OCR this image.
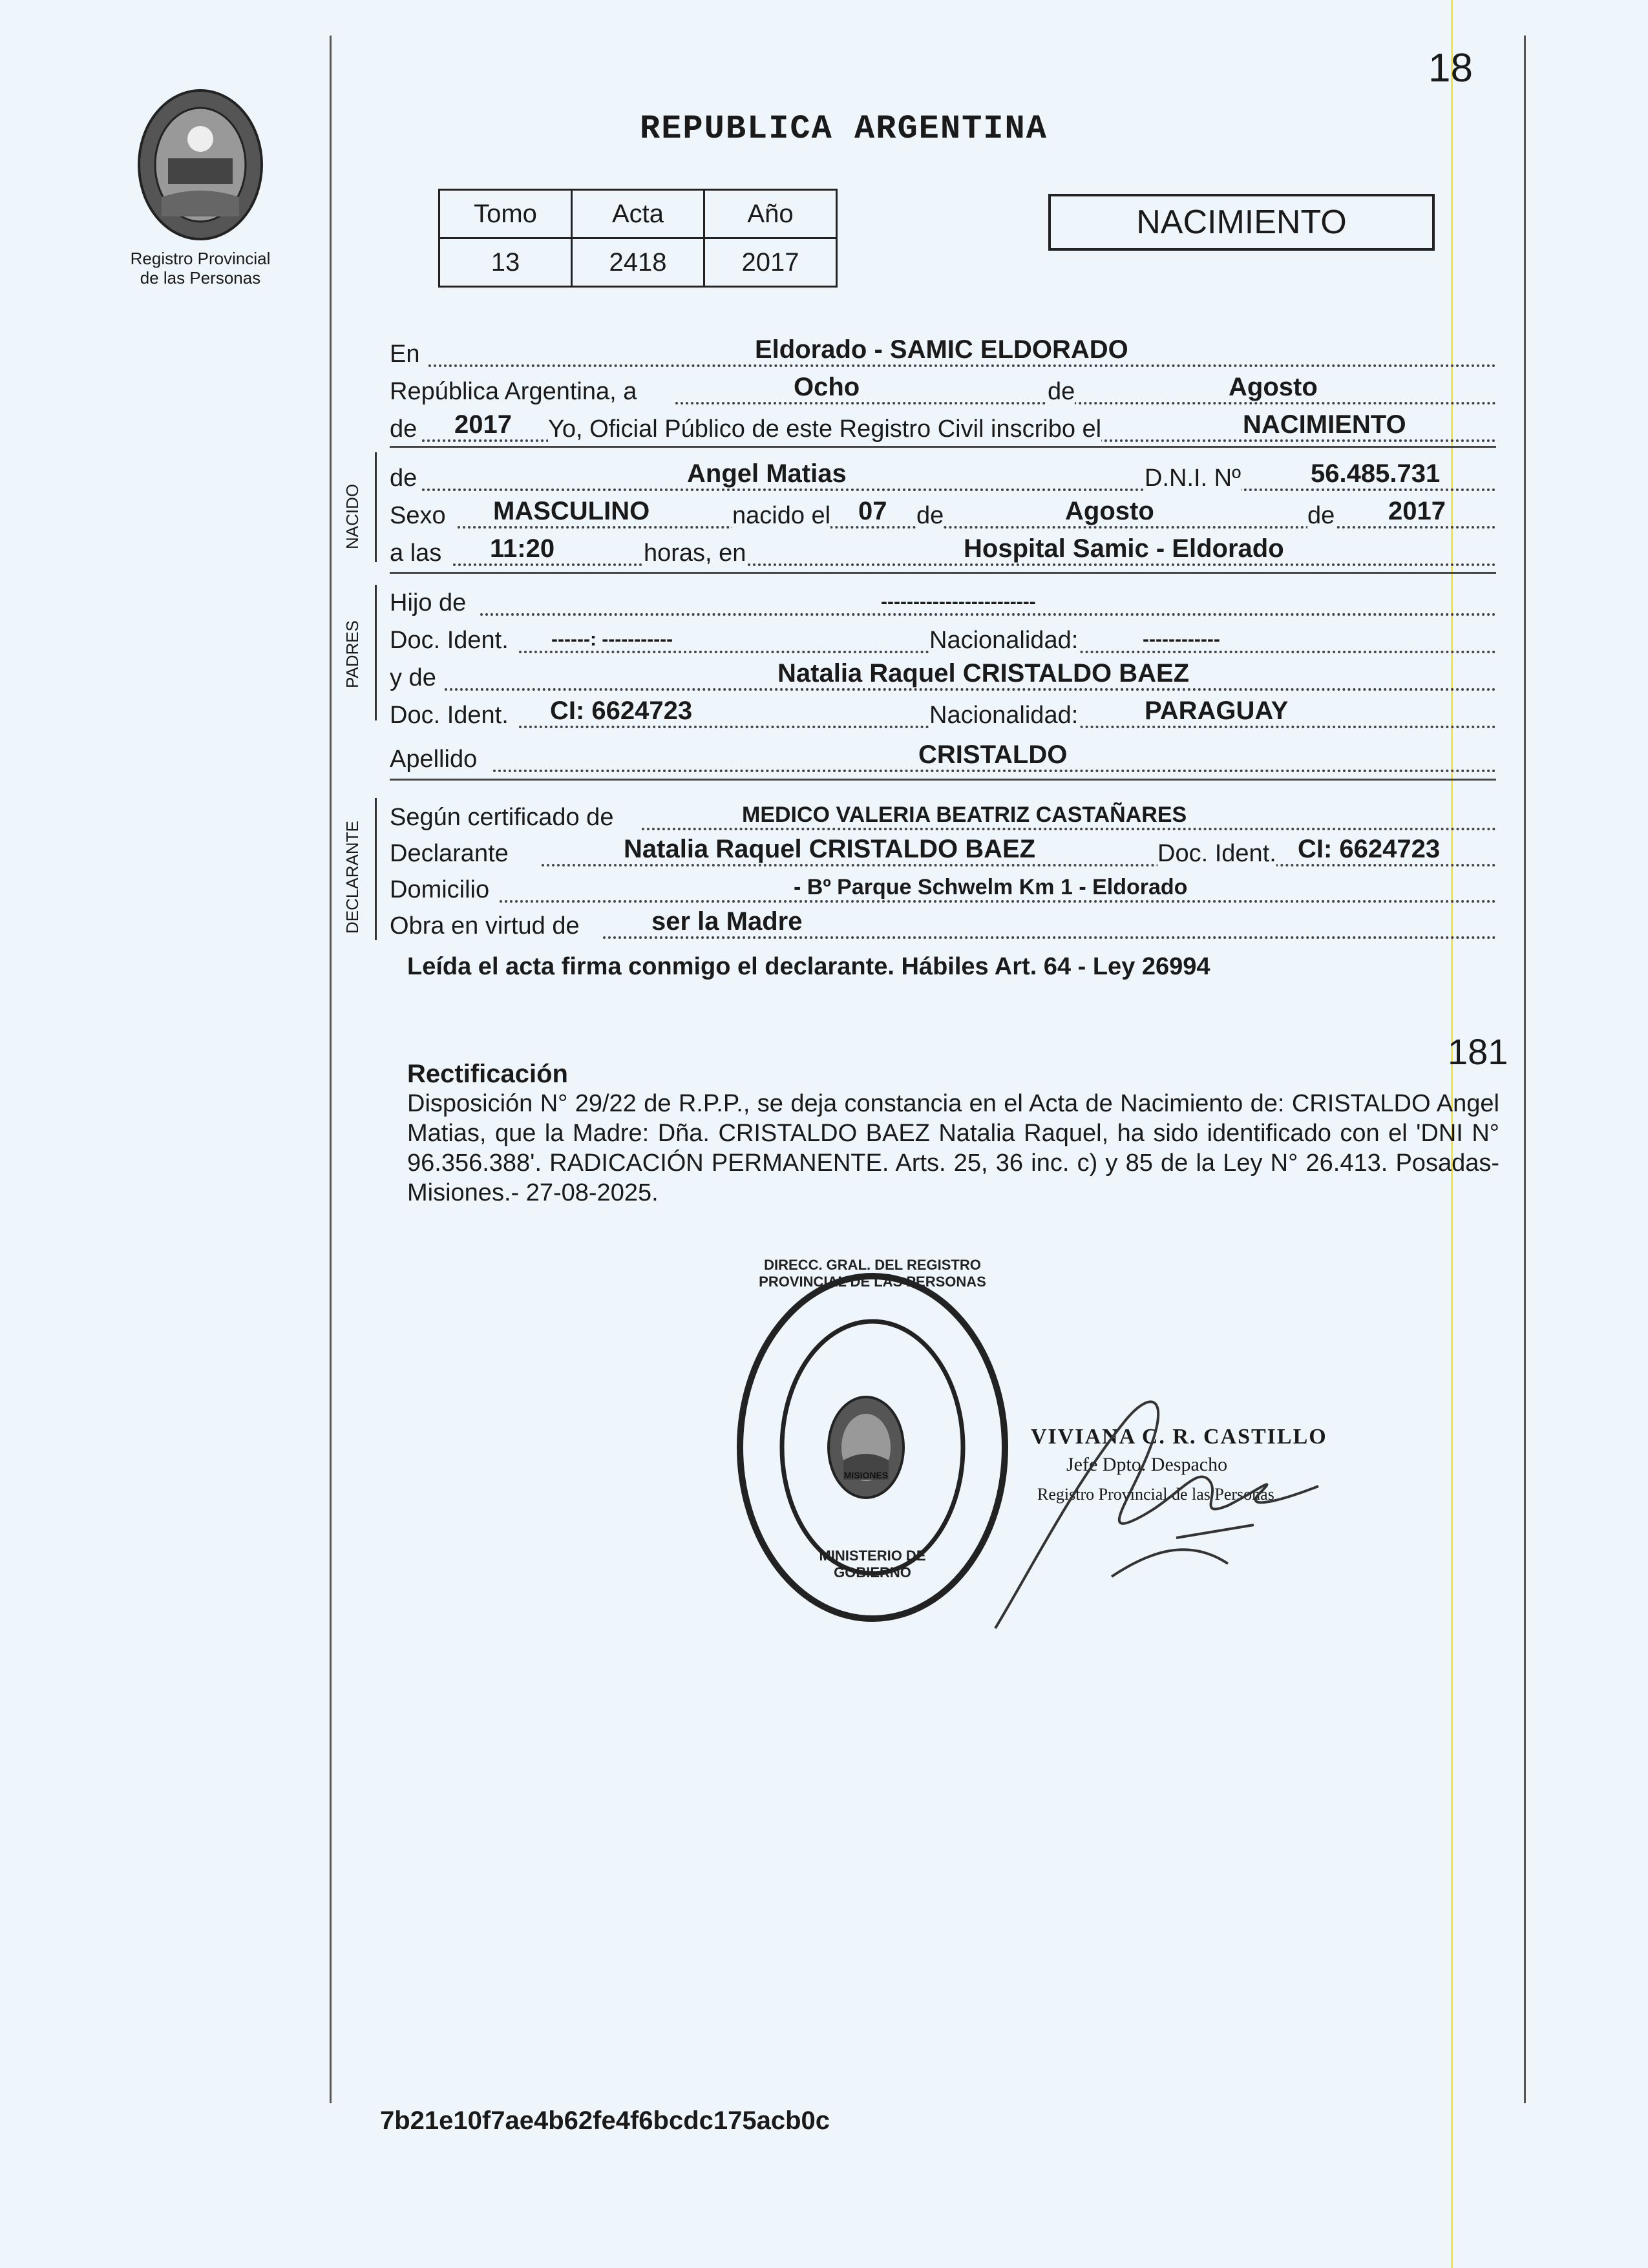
Registro Provincial
de las Personas
18
REPUBLICA ARGENTINA
Tomo	Acta	Año
13	2418	2017
NACIMIENTO
En	Eldorado - SAMIC ELDORADO
República Argentina, a	Ocho	de	Agosto
de 2017 Yo, Oficial Público de este Registro Civil inscribo el	NACIMIENTO
NACIDO
de	Angel Matias	D.N.I. Nº	56.485.731
Sexo MASCULINO	nacido el 07 de	Agosto	de 2017
a las 11:20	horas, en	Hospital Samic - Eldorado
PADRES
Hijo de	------------------------
Doc. Ident. ------: -----------	Nacionalidad:	------------
y de	Natalia Raquel CRISTALDO BAEZ
Doc. Ident. CI: 6624723	Nacionalidad:	PARAGUAY
Apellido	CRISTALDO
DECLARANTE
Según certificado de	MEDICO VALERIA BEATRIZ CASTAÑARES
Declarante	Natalia Raquel CRISTALDO BAEZ	Doc. Ident. CI: 6624723
Domicilio	- Bº Parque Schwelm Km 1 - Eldorado
Obra en virtud de	ser la Madre
Leída el acta firma conmigo el declarante. Hábiles Art. 64 - Ley 26994
181
Rectificación
Disposición N° 29/22 de R.P.P., se deja constancia en el Acta de Nacimiento de: CRISTALDO Angel Matias, que la Madre: Dña. CRISTALDO BAEZ Natalia Raquel, ha sido identificado con el 'DNI N° 96.356.388'. RADICACIÓN PERMANENTE. Arts. 25, 36 inc. c) y 85 de la Ley N° 26.413. Posadas- Misiones.- 27-08-2025.
DIRECC. GRAL. DEL REGISTRO PROVINCIAL DE LAS PERSONAS
MINISTERIO DE GOBIERNO
MISIONES
VIVIANA C. R. CASTILLO
Jefe Dpto. Despacho
Registro Provincial de las Personas
7b21e10f7ae4b62fe4f6bcdc175acb0c
